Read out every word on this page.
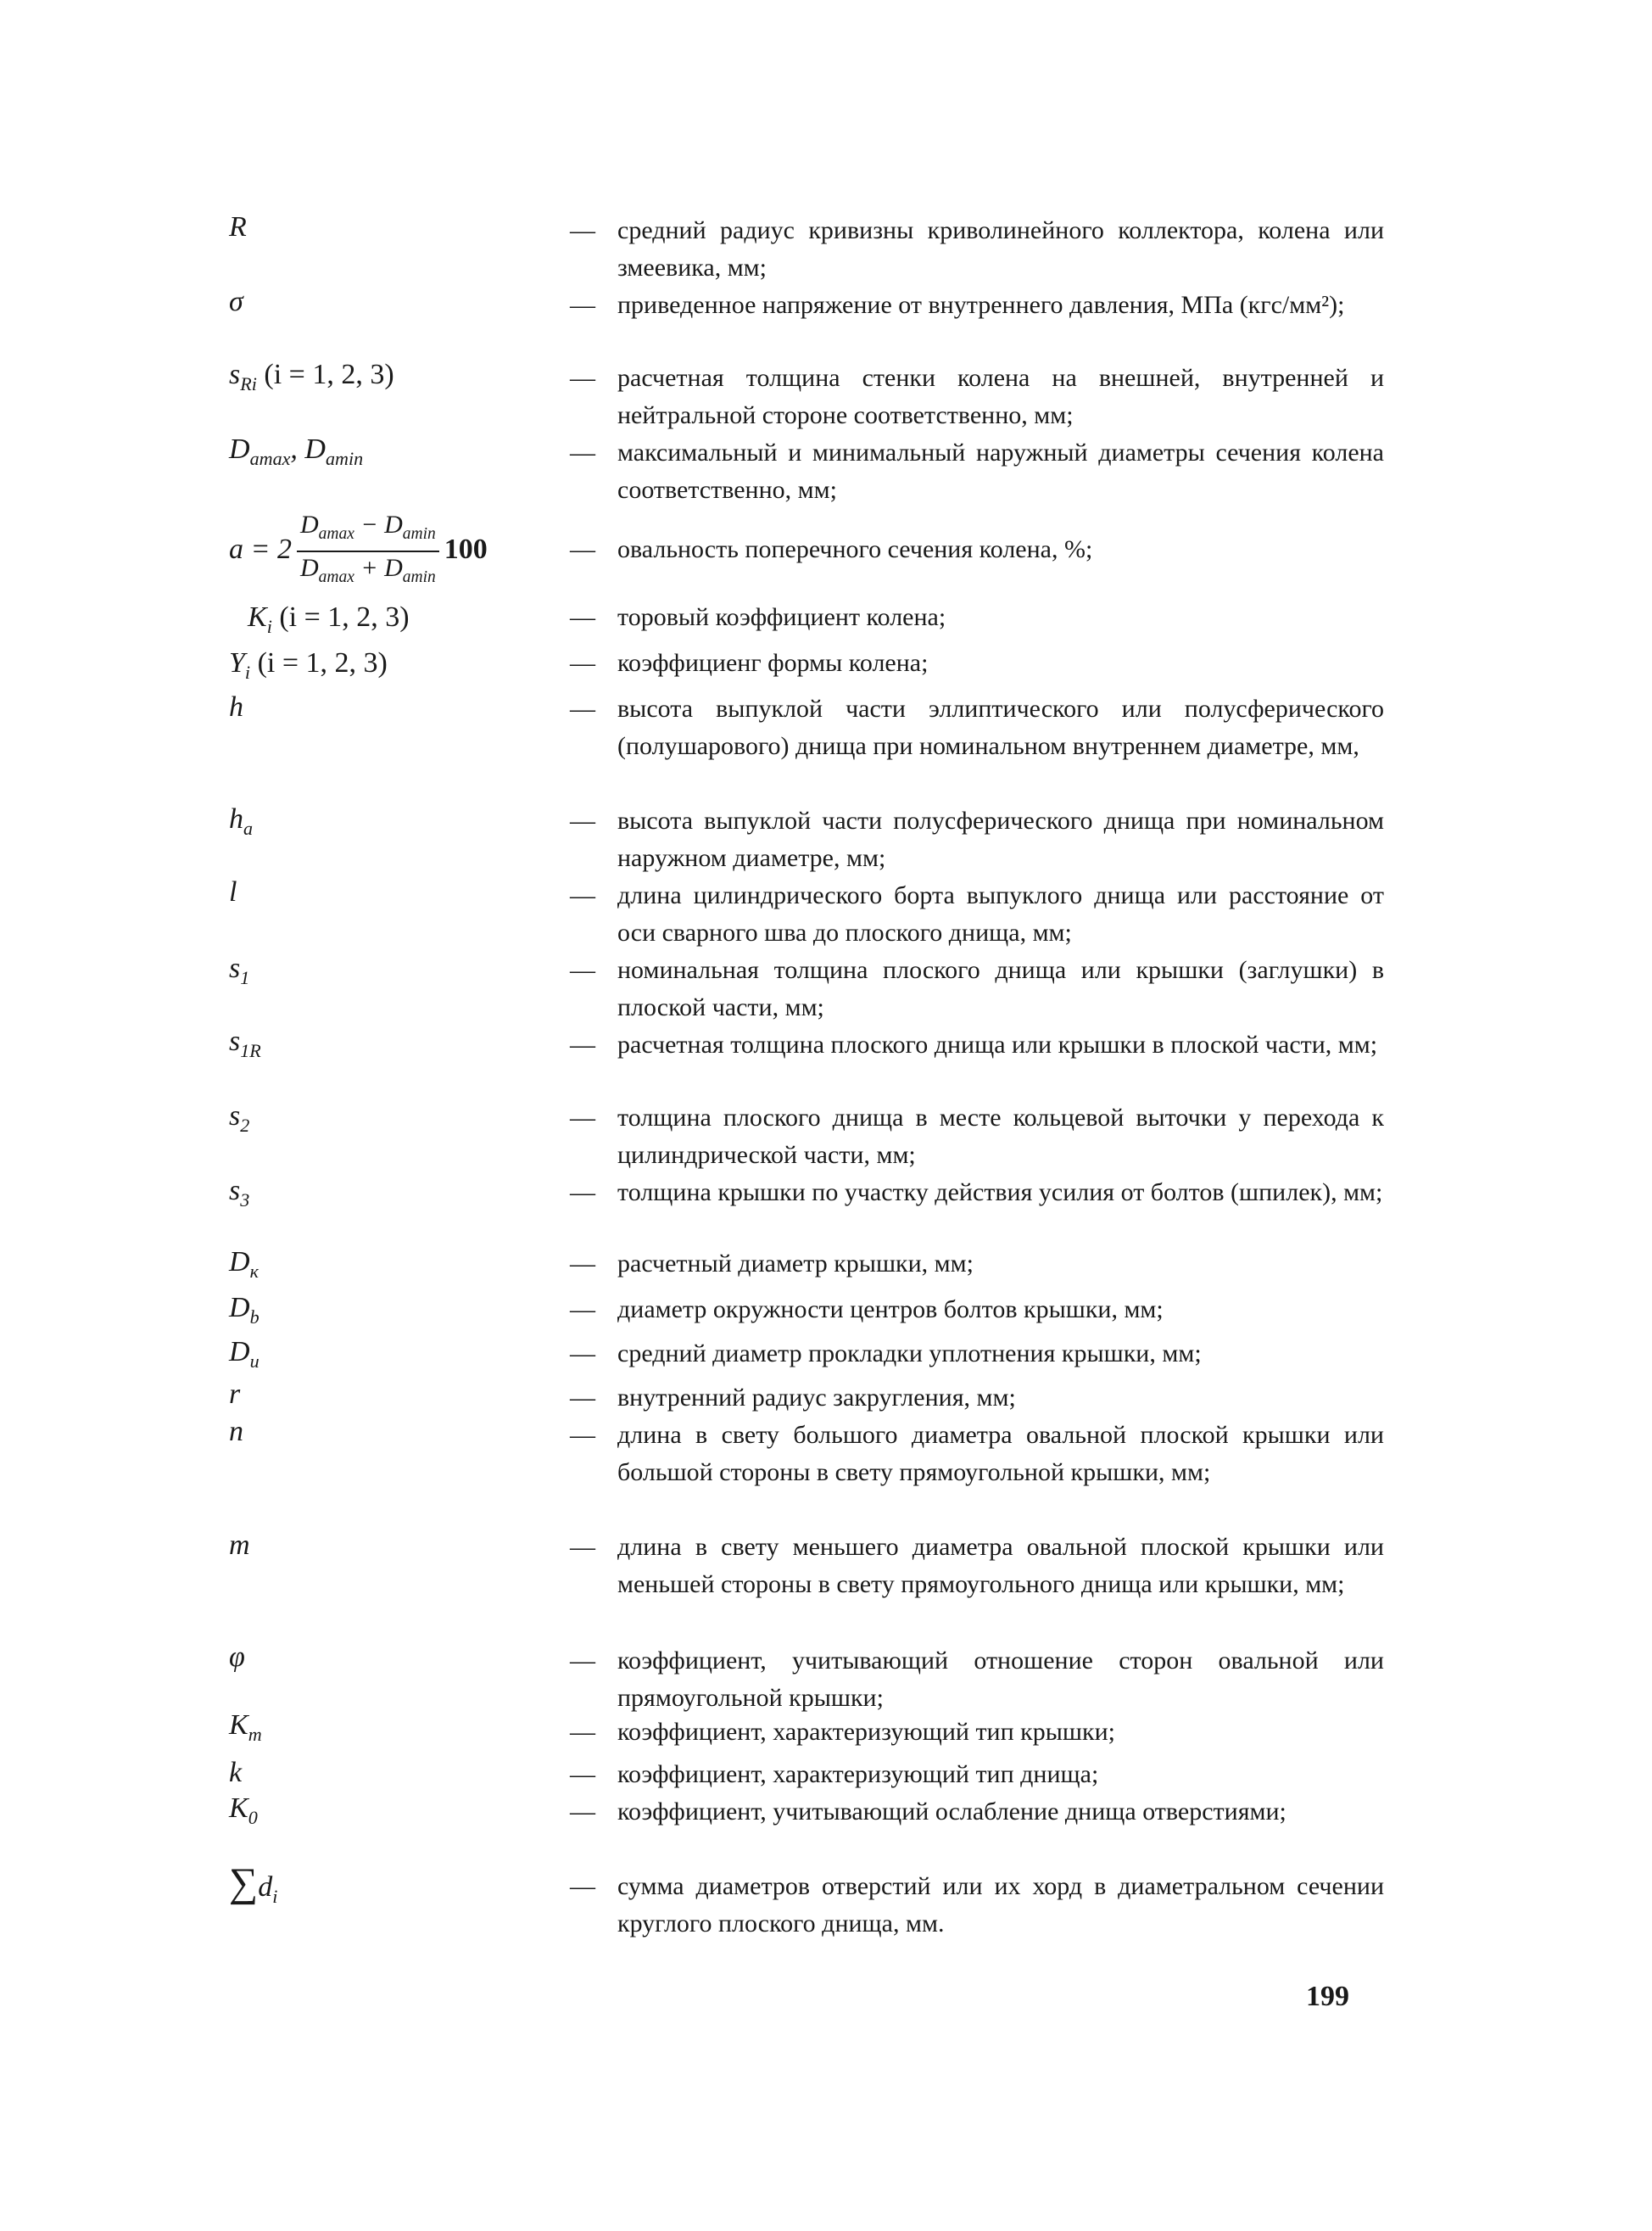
R
σ
$s_{Ri}$ (i = 1, 2, 3)
$D_{amax}$, $D_{amin}$
$a = 2 \frac{D_{amax} - D_{amin}}{D_{amax} + D_{amin}} 100$
$K_i$ (i = 1, 2, 3)
$Y_i$ (i = 1, 2, 3)
h
$h_a$
l
$s_1$
$s_{1R}$
$s_2$
$s_3$
$D_к$
$D_b$
$D_u$
r
n
m
φ
$K_m$
k
$K_0$
$\sum d_i$
— средний радиус кривизны криволинейного коллектора, колена или змеевика, мм;
— приведенное напряжение от внутреннего давления, МПа (кгс/мм²);
— расчетная толщина стенки колена на внешней, внутренней и нейтральной стороне соответственно, мм;
— максимальный и минимальный наружный диаметры сечения колена соответственно, мм;
— овальность поперечного сечения колена, %;
— торовый коэффициент колена;
— коэффициенг формы колена;
— высота выпуклой части эллиптического или полусферического (полушарового) днища при номинальном внутреннем диаметре, мм,
— высота выпуклой части полусферического днища при номинальном наружном диаметре, мм;
— длина цилиндрического борта выпуклого днища или расстояние от оси сварного шва до плоского днища, мм;
— номинальная толщина плоского днища или крышки (заглушки) в плоской части, мм;
— расчетная толщина плоского днища или крышки в плоской части, мм;
— толщина плоского днища в месте кольцевой выточки у перехода к цилиндрической части, мм;
— толщина крышки по участку действия усилия от болтов (шпилек), мм;
— расчетный диаметр крышки, мм;
— диаметр окружности центров болтов крышки, мм;
— средний диаметр прокладки уплотнения крышки, мм;
— внутренний радиус закругления, мм;
— длина в свету большого диаметра овальной плоской крышки или большой стороны в свету прямоугольной крышки, мм;
— длина в свету меньшего диаметра овальной плоской крышки или меньшей стороны в свету прямоугольного днища или крышки, мм;
— коэффициент, учитывающий отношение сторон овальной или прямоугольной крышки;
— коэффициент, характеризующий тип крышки;
— коэффициент, характеризующий тип днища;
— коэффициент, учитывающий ослабление днища отверстиями;
— сумма диаметров отверстий или их хорд в диаметральном сечении круглого плоского днища, мм.
199
